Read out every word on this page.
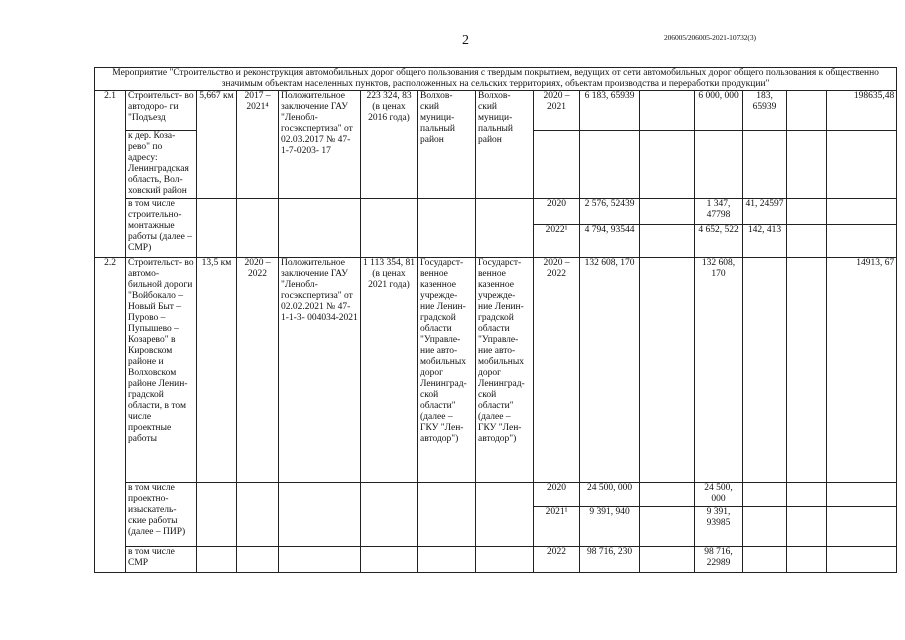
2	206005/206005-2021-10732(3)
Мероприятие "Строительство и реконструкция автомобильных дорог общего пользования с твердым покрытием, ведущих от сети автомобильных дорог общего пользования к общественно значимым объектам населенных пунктов, расположенных на сельских территориях, объектам производства и переработки продукции"														
2.1	Строительст- во автодоро- ги "Подъезд	5,667 км	2017 – 2021⁴	Положительное заключение ГАУ "Ленобл- госэкспертиза" от 02.03.2017 № 47-1-7-0203- 17	223 324, 83 (в ценах 2016 года)	Волхов- ский муници- пальный район	Волхов- ский муници- пальный район	2020 – 2021	6 183, 65939		6 000, 000	183, 65939		198635,48
	к дер. Коза- рево" по адресу: Ленинградская область, Вол- ховский район													
	в том числе строительно- монтажные работы (далее – СМР)							2020	2 576, 52439		1 347, 47798	41, 24597		
								2022¹	4 794, 93544		4 652, 522	142, 413		
2.2	Строительст- во автомо- бильной дороги "Войбокало – Новый Быт – Пурово – Пупышево – Козарево" в Кировском районе и Волховском районе Ленин- градской области, в том числе проектные работы	13,5 км	2020 – 2022	Положительное заключение ГАУ "Ленобл- госэкспертиза" от 02.02.2021 № 47-1-1-3- 004034-2021	1 113 354, 81 (в ценах 2021 года)	Государст- венное казенное учрежде- ние Ленин- градской области "Управле- ние авто- мобильных дорог Ленинград- ской области" (далее – ГКУ "Лен- автодор")	Государст- венное казенное учрежде- ние Ленин- градской области "Управле- ние авто- мобильных дорог Ленинград- ской области" (далее – ГКУ "Лен- автодор")	2020 – 2022	132 608, 170		132 608, 170			14913, 67
	в том числе проектно- изыскатель- ские работы (далее – ПИР)							2020	24 500, 000		24 500, 000			
								2021¹	9 391, 940		9 391, 93985			
	в том числе СМР							2022	98 716, 230		98 716, 22989			
